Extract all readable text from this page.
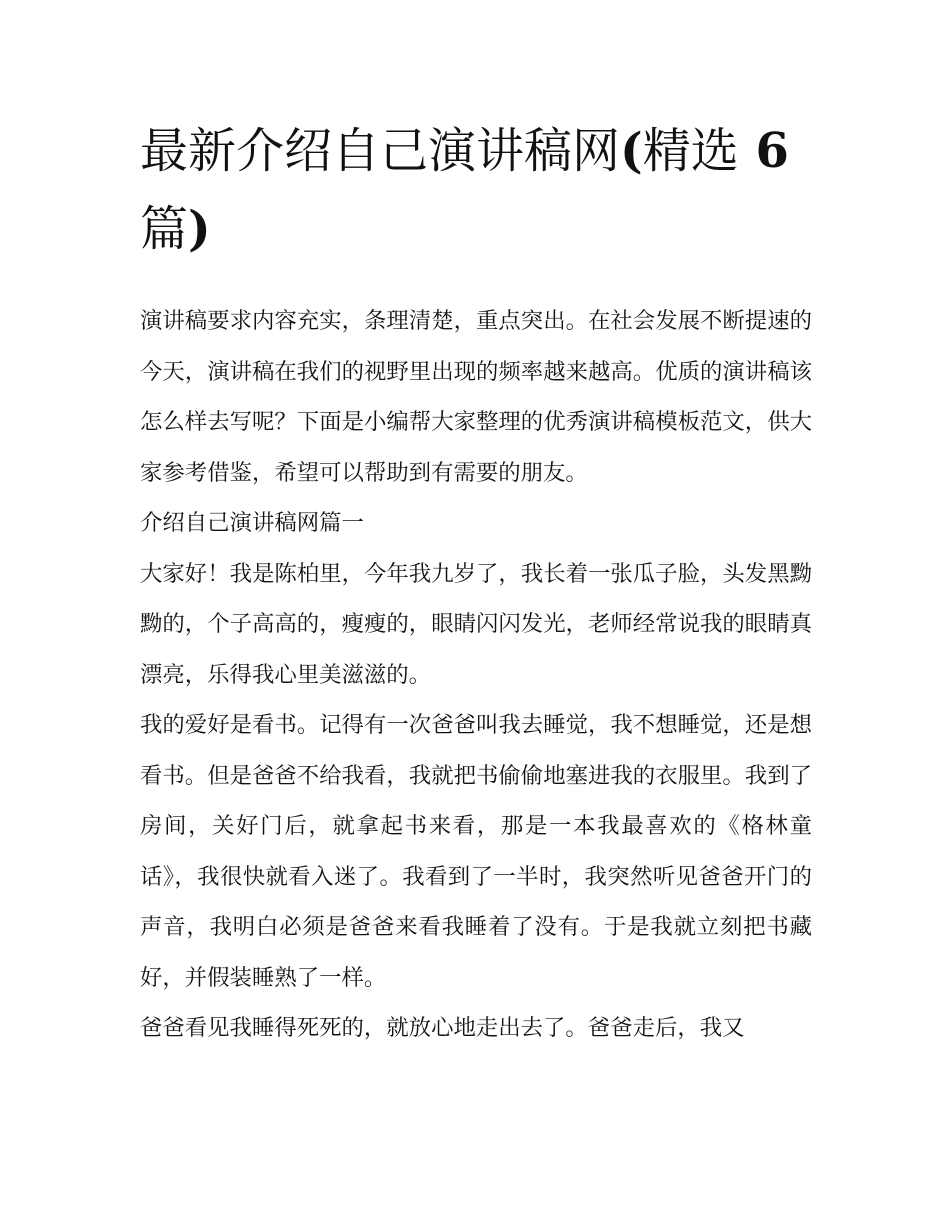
最新介绍自己演讲稿网(精选 6
篇)

演讲稿要求内容充实，条理清楚，重点突出。在社会发展不断提速的今天，演讲稿在我们的视野里出现的频率越来越高。优质的演讲稿该怎么样去写呢？下面是小编帮大家整理的优秀演讲稿模板范文，供大家参考借鉴，希望可以帮助到有需要的朋友。

介绍自己演讲稿网篇一

大家好！我是陈柏里，今年我九岁了，我长着一张瓜子脸，头发黑黝黝的，个子高高的，瘦瘦的，眼睛闪闪发光，老师经常说我的眼睛真漂亮，乐得我心里美滋滋的。

我的爱好是看书。记得有一次爸爸叫我去睡觉，我不想睡觉，还是想看书。但是爸爸不给我看，我就把书偷偷地塞进我的衣服里。我到了房间，关好门后，就拿起书来看，那是一本我最喜欢的《格林童话》，我很快就看入迷了。我看到了一半时，我突然听见爸爸开门的声音，我明白必须是爸爸来看我睡着了没有。于是我就立刻把书藏好，并假装睡熟了一样。

爸爸看见我睡得死死的，就放心地走出去了。爸爸走后，我又
